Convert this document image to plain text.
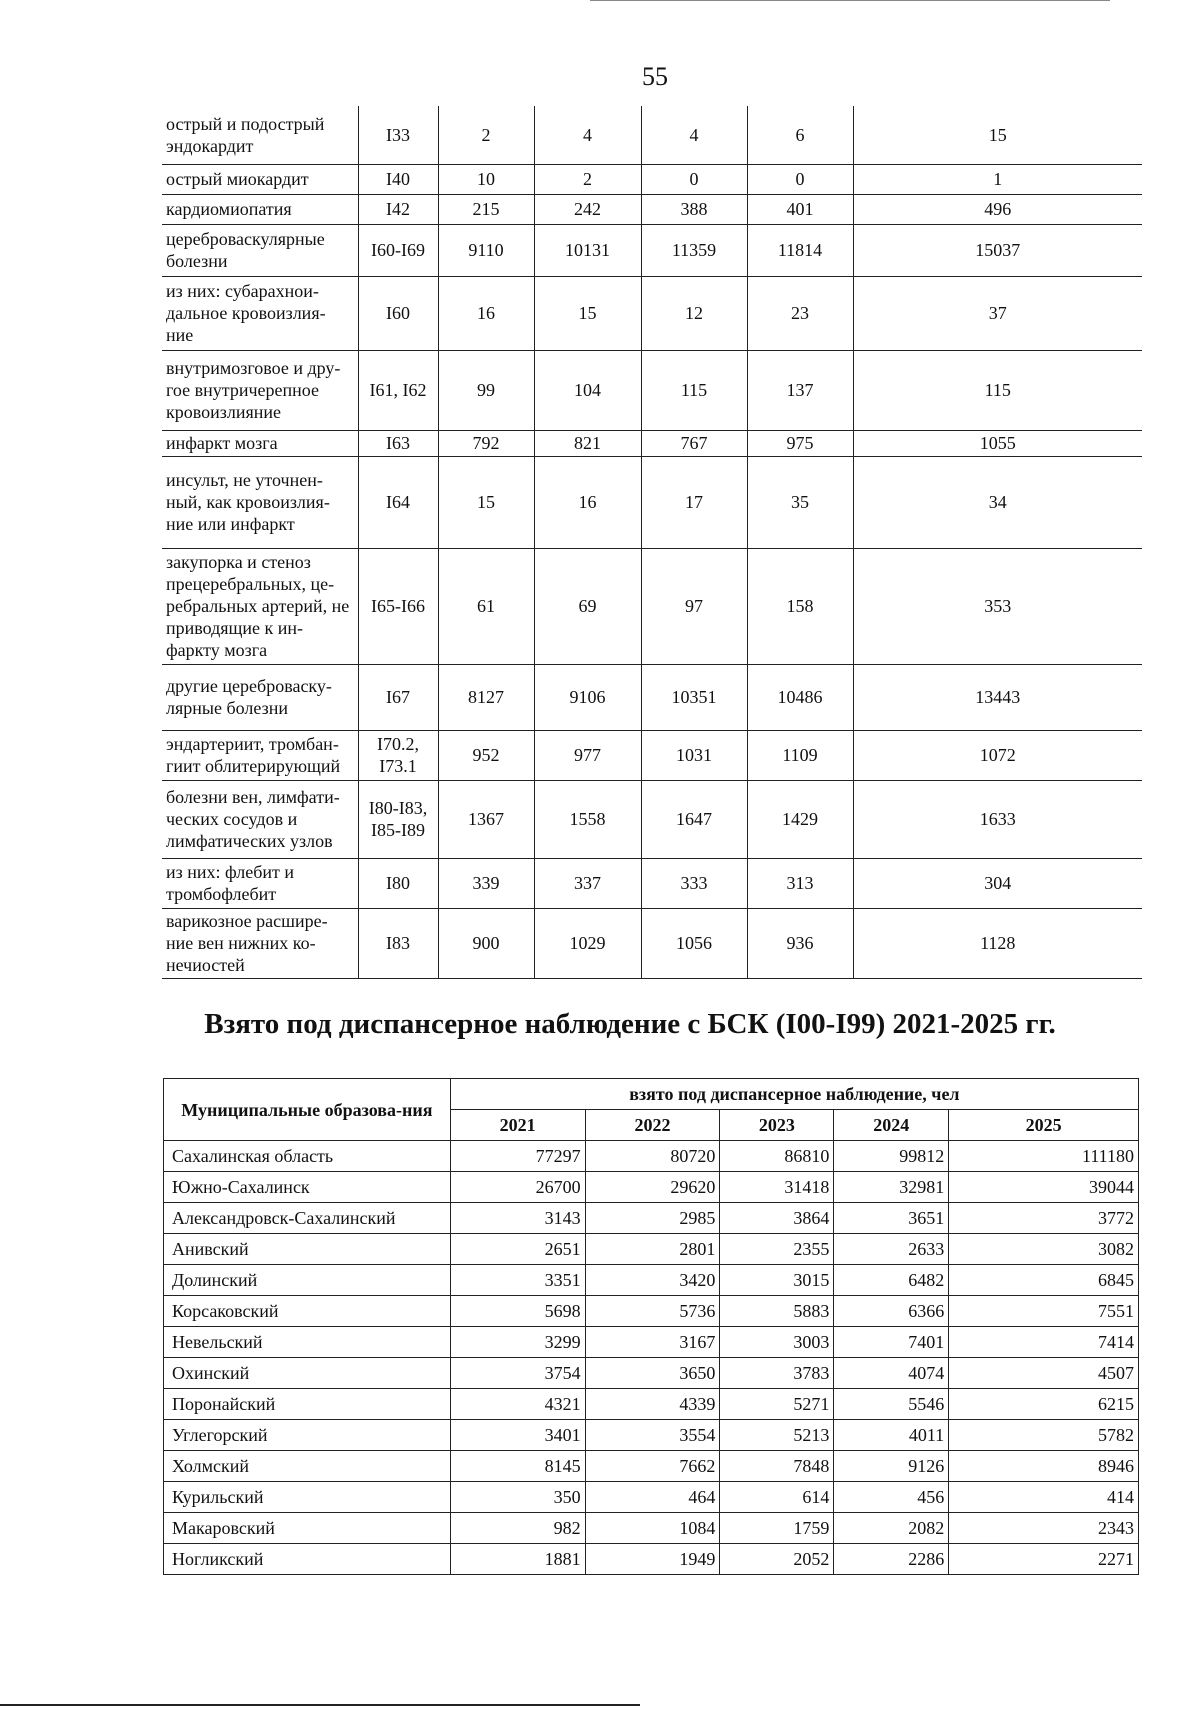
55
острый и подострый эндокардит	I33	2	4	4	6	15
острый миокардит	I40	10	2	0	0	1
кардиомиопатия	I42	215	242	388	401	496
цереброваскулярные болезни	I60-I69	9110	10131	11359	11814	15037
из них: субарахнои-дальное кровоизлия-ние	I60	16	15	12	23	37
внутримозговое и дру-гое внутричерепное кровоизлияние	I61, I62	99	104	115	137	115
инфаркт мозга	I63	792	821	767	975	1055
инсульт, не уточнен-ный, как кровоизлия-ние или инфаркт	I64	15	16	17	35	34
закупорка и стеноз прецеребральных, це-ребральных артерий, не приводящие к ин-фаркту мозга	I65-I66	61	69	97	158	353
другие цереброваску-лярные болезни	I67	8127	9106	10351	10486	13443
эндартериит, тромбан-гиит облитерирующий	I70.2, I73.1	952	977	1031	1109	1072
болезни вен, лимфати-ческих сосудов и лимфатических узлов	I80-I83, I85-I89	1367	1558	1647	1429	1633
из них: флебит и тромбофлебит	I80	339	337	333	313	304
варикозное расшире-ние вен нижних ко-нечиостей	I83	900	1029	1056	936	1128
Взято под диспансерное наблюдение с БСК (I00-I99) 2021-2025 гг.
Муниципальные образова-ния	взято под диспансерное наблюдение, чел				
	2021	2022	2023	2024	2025
Сахалинская область	77297	80720	86810	99812	111180
Южно-Сахалинск	26700	29620	31418	32981	39044
Александровск-Сахалинский	3143	2985	3864	3651	3772
Анивский	2651	2801	2355	2633	3082
Долинский	3351	3420	3015	6482	6845
Корсаковский	5698	5736	5883	6366	7551
Невельский	3299	3167	3003	7401	7414
Охинский	3754	3650	3783	4074	4507
Поронайский	4321	4339	5271	5546	6215
Углегорский	3401	3554	5213	4011	5782
Холмский	8145	7662	7848	9126	8946
Курильский	350	464	614	456	414
Макаровский	982	1084	1759	2082	2343
Ногликский	1881	1949	2052	2286	2271
